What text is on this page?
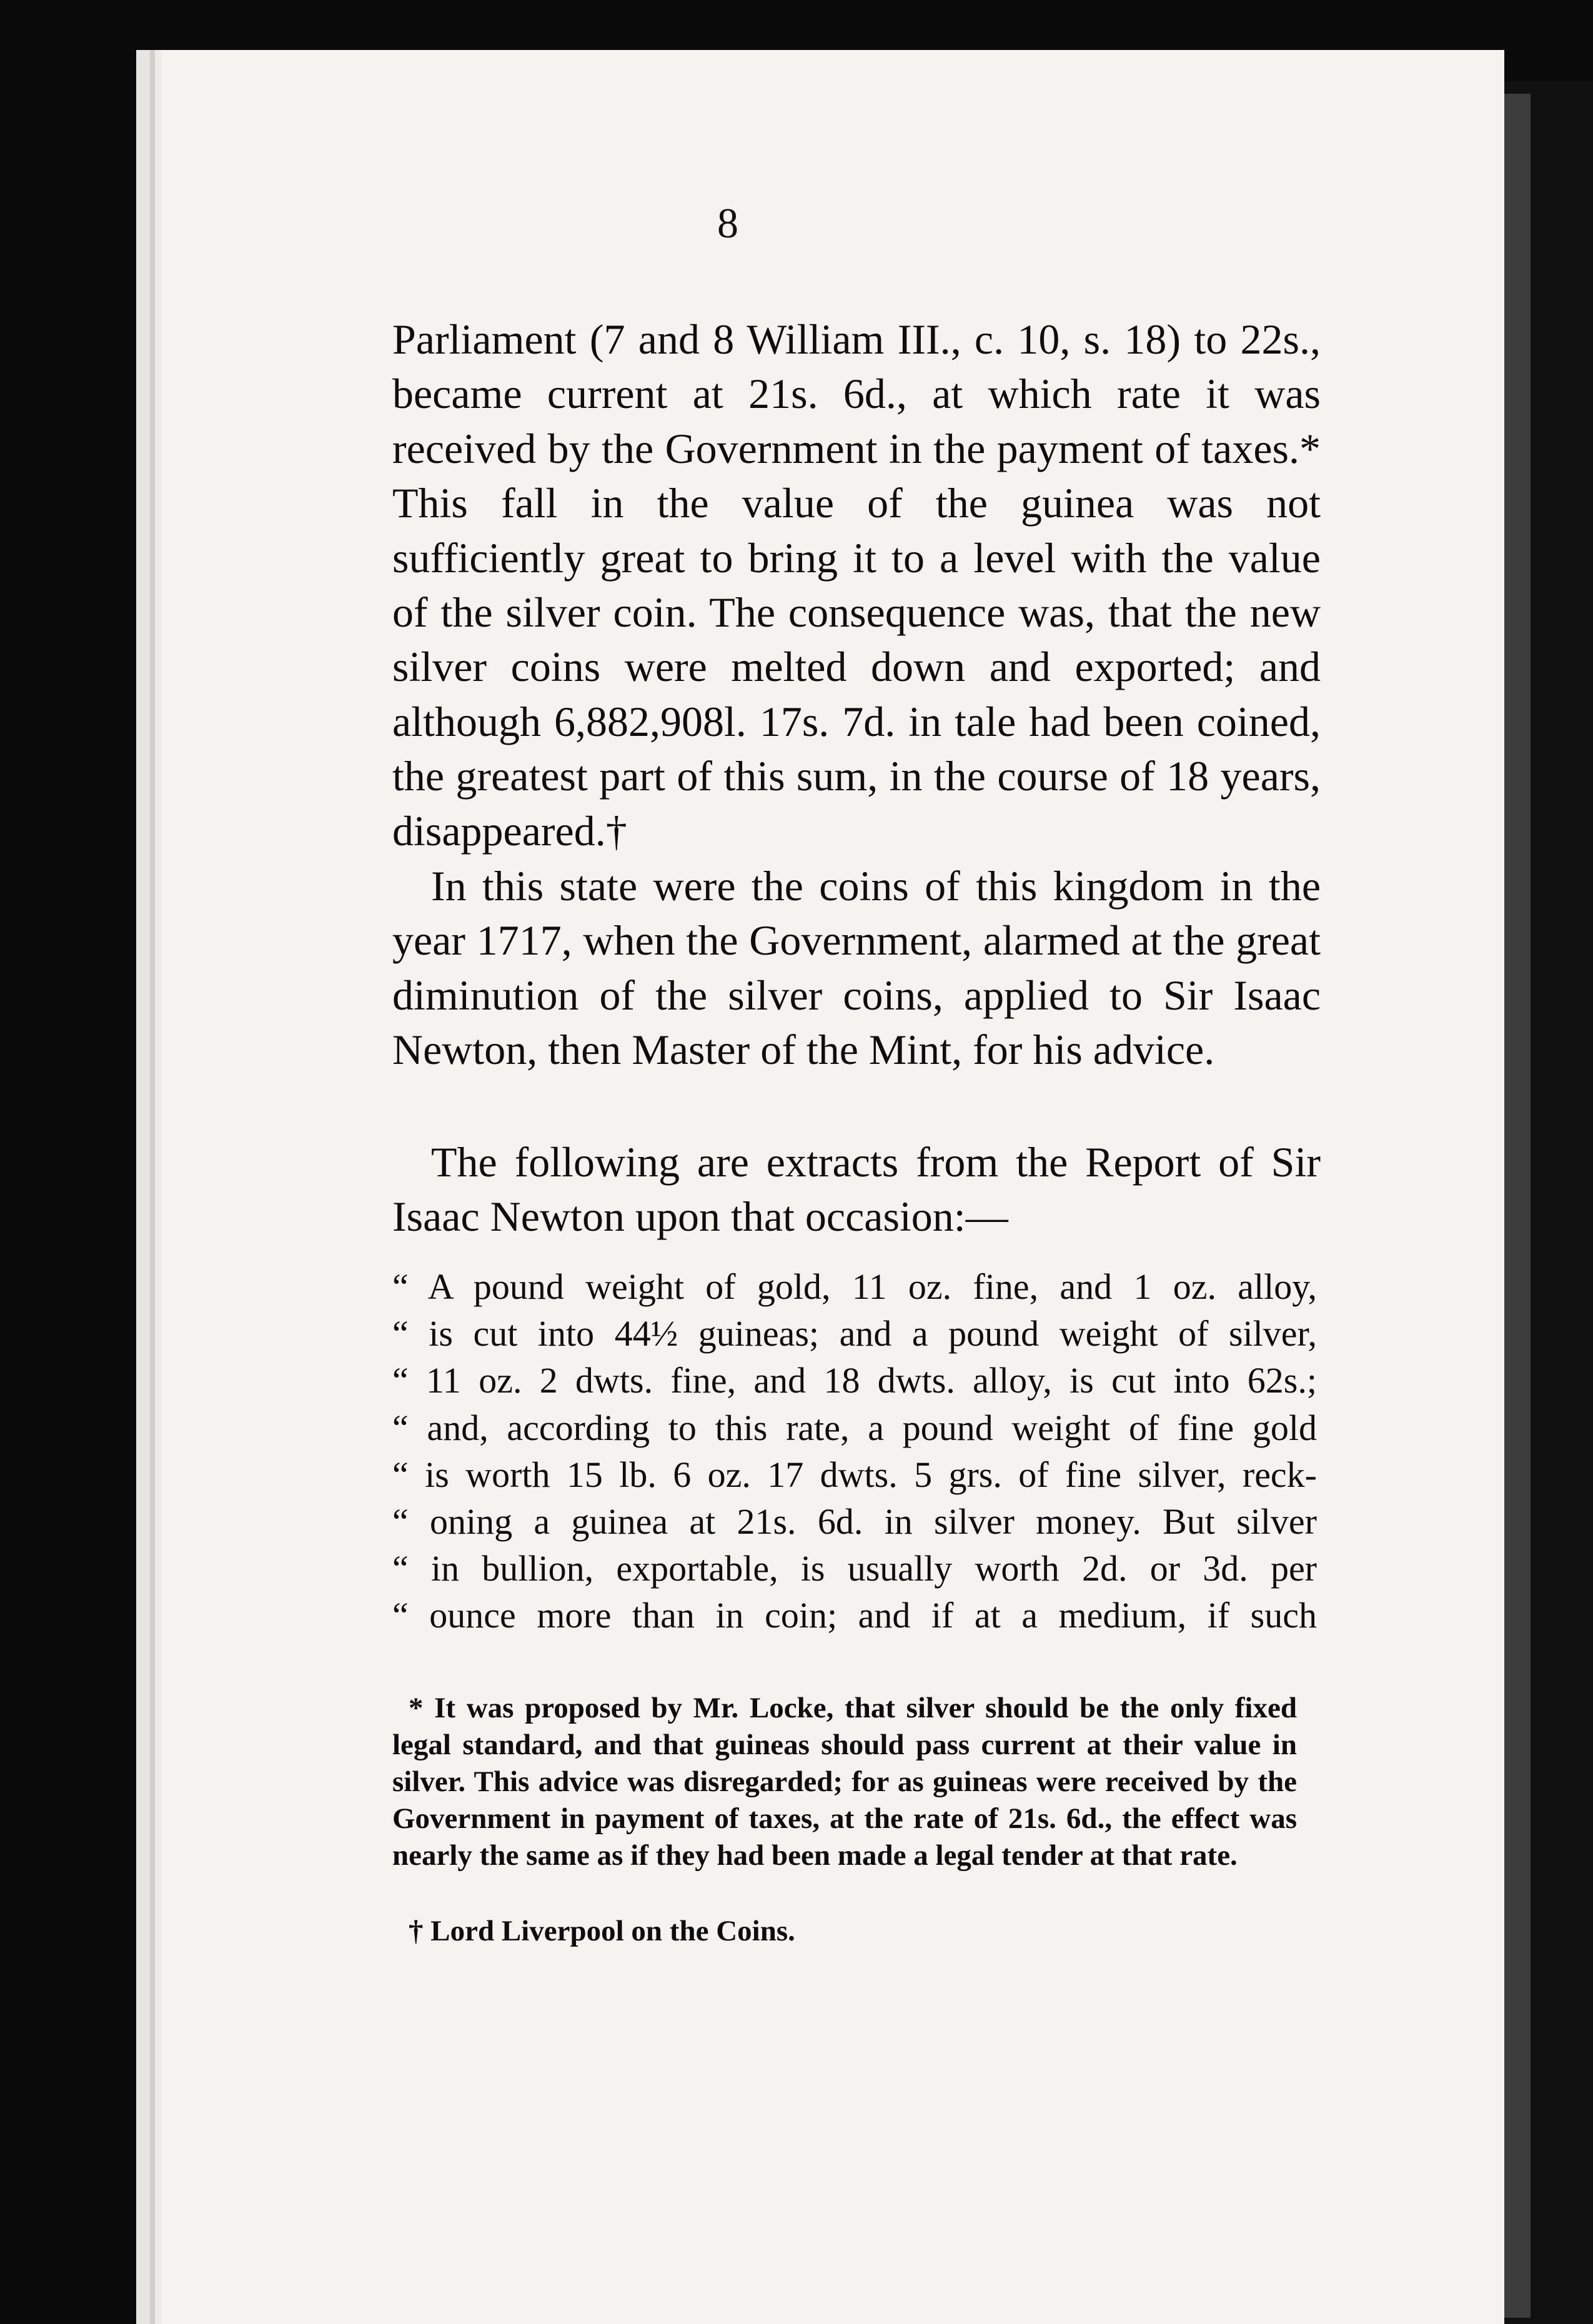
8

Parliament (7 and 8 William III., c. 10, s. 18) to 22s., became current at 21s. 6d., at which rate it was received by the Government in the payment of taxes.* This fall in the value of the guinea was not sufficiently great to bring it to a level with the value of the silver coin. The consequence was, that the new silver coins were melted down and exported; and although 6,882,908l. 17s. 7d. in tale had been coined, the greatest part of this sum, in the course of 18 years, disappeared.†

In this state were the coins of this kingdom in the year 1717, when the Government, alarmed at the great diminution of the silver coins, applied to Sir Isaac Newton, then Master of the Mint, for his advice.

The following are extracts from the Report of Sir Isaac Newton upon that occasion:—

“ A pound weight of gold, 11 oz. fine, and 1 oz. alloy,
“ is cut into 44½ guineas; and a pound weight of silver,
“ 11 oz. 2 dwts. fine, and 18 dwts. alloy, is cut into 62s.;
“ and, according to this rate, a pound weight of fine gold
“ is worth 15 lb. 6 oz. 17 dwts. 5 grs. of fine silver, reck-
“ oning a guinea at 21s. 6d. in silver money. But silver
“ in bullion, exportable, is usually worth 2d. or 3d. per
“ ounce more than in coin; and if at a medium, if such

* It was proposed by Mr. Locke, that silver should be the only fixed legal standard, and that guineas should pass current at their value in silver. This advice was disregarded; for as guineas were received by the Government in payment of taxes, at the rate of 21s. 6d., the effect was nearly the same as if they had been made a legal tender at that rate.

† Lord Liverpool on the Coins.
